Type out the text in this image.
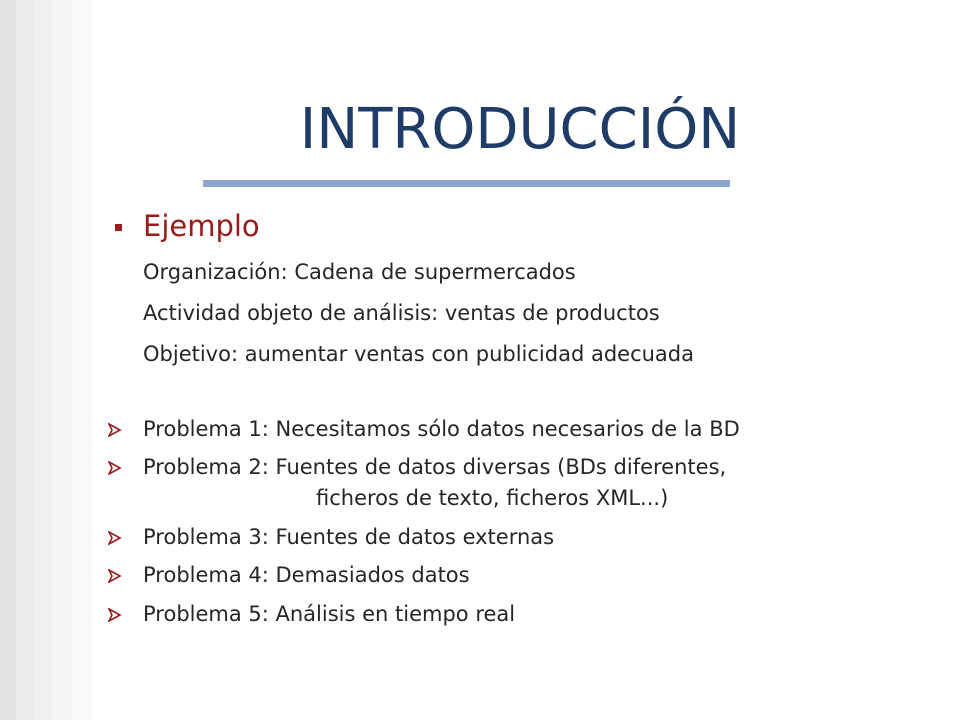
INTRODUCCIÓN
Ejemplo
Organización: Cadena de supermercados
Actividad objeto de análisis: ventas de productos
Objetivo: aumentar ventas con publicidad adecuada
Problema 1: Necesitamos sólo datos necesarios de la BD
Problema 2: Fuentes de datos diversas (BDs diferentes,
ficheros de texto, ficheros XML...)
Problema 3: Fuentes de datos externas
Problema 4: Demasiados datos
Problema 5: Análisis en tiempo real
